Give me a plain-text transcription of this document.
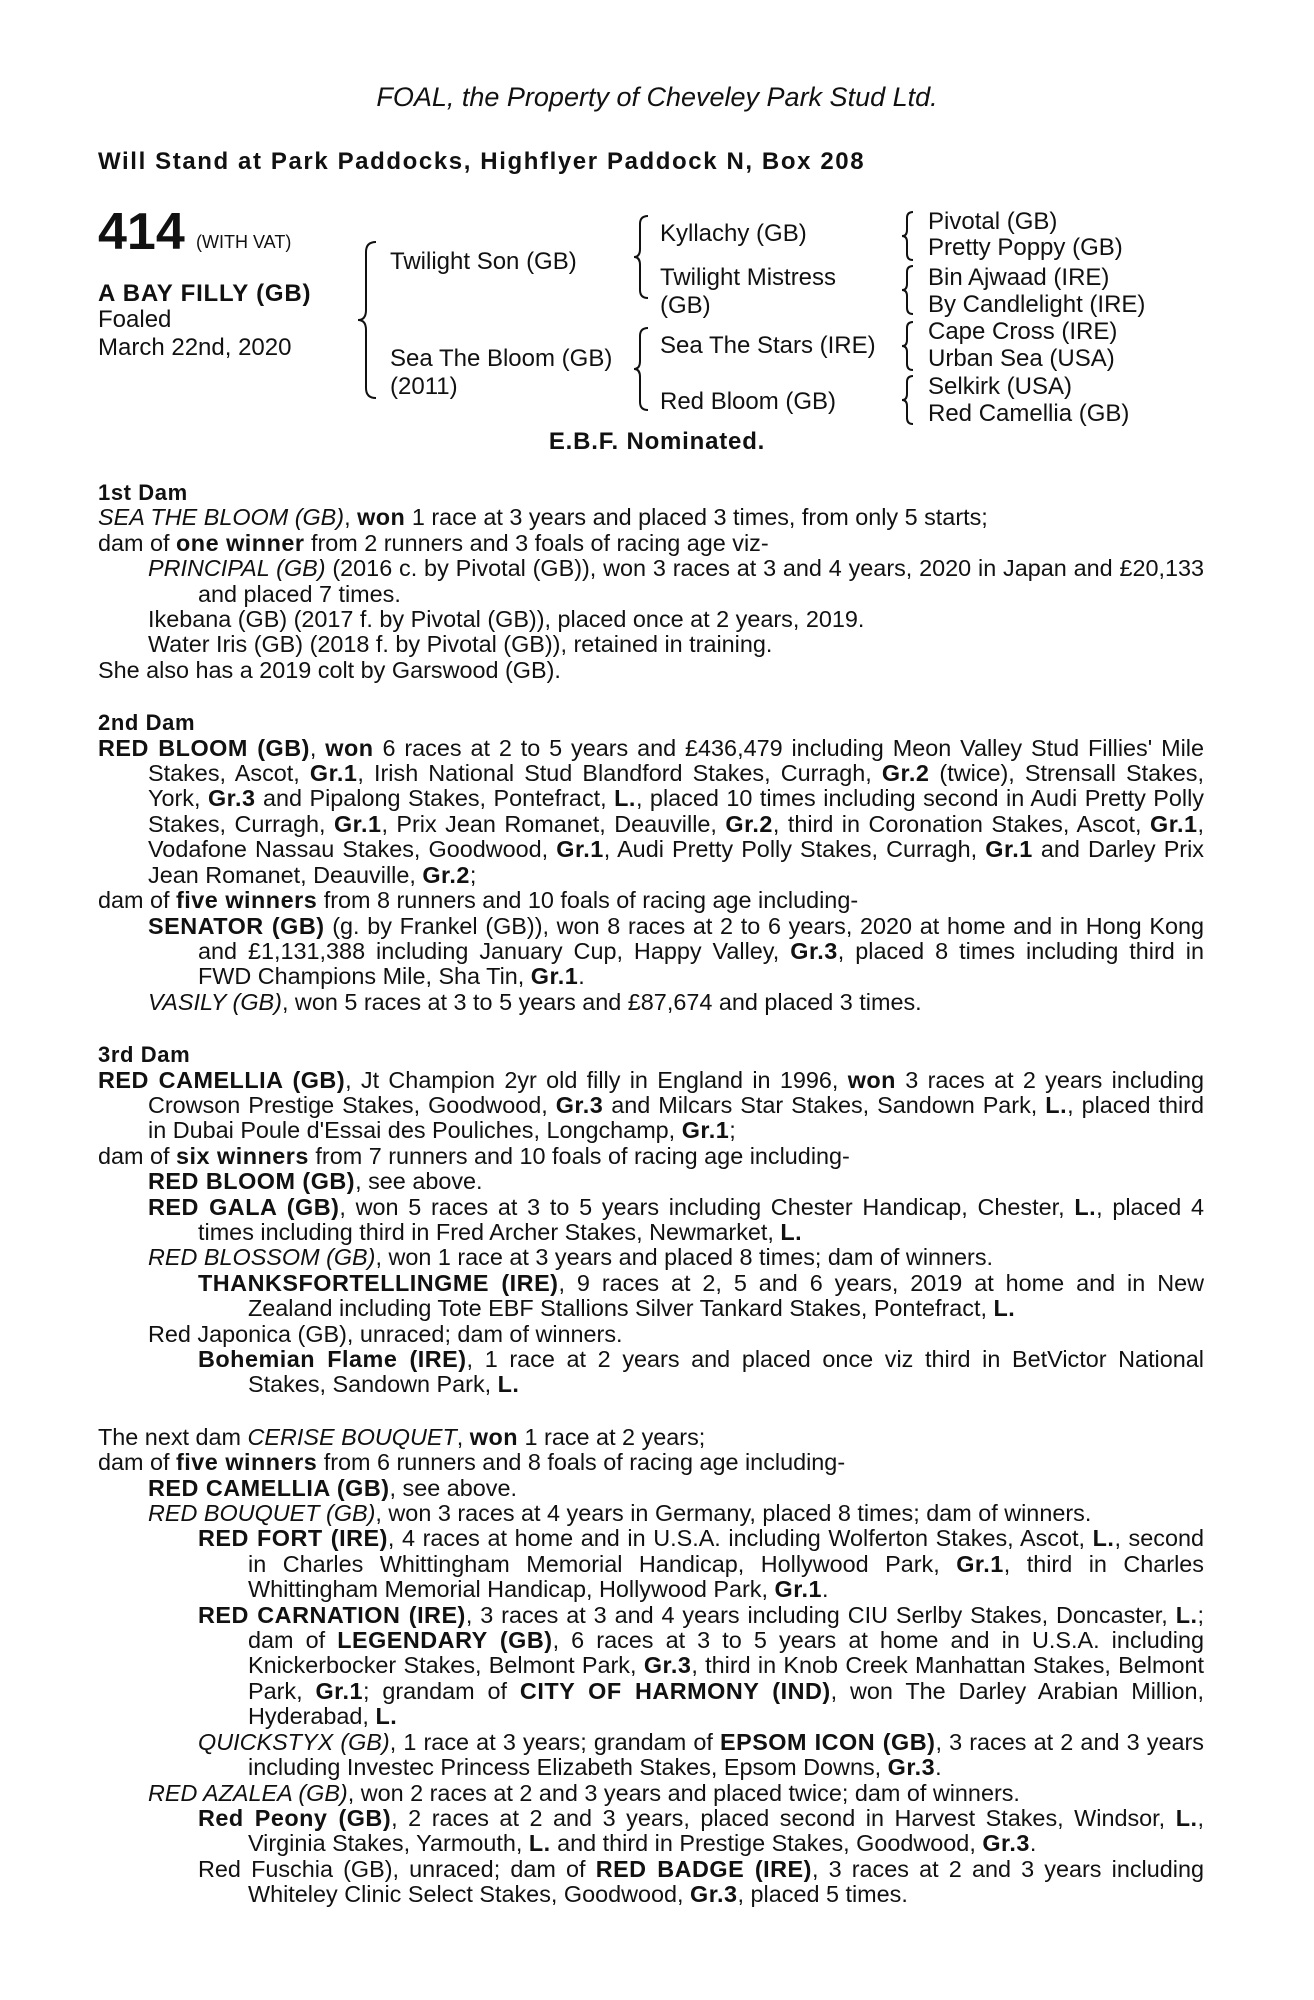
FOAL, the Property of Cheveley Park Stud Ltd.
Will Stand at Park Paddocks, Highflyer Paddock N, Box 208
414 (WITH VAT)
A BAY FILLY (GB)
Foaled
March 22nd, 2020
Twilight Son (GB)
Sea The Bloom (GB)
(2011)
Kyllachy (GB)
Twilight Mistress
(GB)
Sea The Stars (IRE)
Red Bloom (GB)
Pivotal (GB)
Pretty Poppy (GB)
Bin Ajwaad (IRE)
By Candlelight (IRE)
Cape Cross (IRE)
Urban Sea (USA)
Selkirk (USA)
Red Camellia (GB)
E.B.F. Nominated.
1st Dam
SEA THE BLOOM (GB), won 1 race at 3 years and placed 3 times, from only 5 starts;
dam of one winner from 2 runners and 3 foals of racing age viz-
PRINCIPAL (GB) (2016 c. by Pivotal (GB)), won 3 races at 3 and 4 years, 2020 in Japan and £20,133 and placed 7 times.
Ikebana (GB) (2017 f. by Pivotal (GB)), placed once at 2 years, 2019.
Water Iris (GB) (2018 f. by Pivotal (GB)), retained in training.
She also has a 2019 colt by Garswood (GB).
2nd Dam
RED BLOOM (GB), won 6 races at 2 to 5 years and £436,479 including Meon Valley Stud Fillies' Mile Stakes, Ascot, Gr.1, Irish National Stud Blandford Stakes, Curragh, Gr.2 (twice), Strensall Stakes, York, Gr.3 and Pipalong Stakes, Pontefract, L., placed 10 times including second in Audi Pretty Polly Stakes, Curragh, Gr.1, Prix Jean Romanet, Deauville, Gr.2, third in Coronation Stakes, Ascot, Gr.1, Vodafone Nassau Stakes, Goodwood, Gr.1, Audi Pretty Polly Stakes, Curragh, Gr.1 and Darley Prix Jean Romanet, Deauville, Gr.2;
dam of five winners from 8 runners and 10 foals of racing age including-
SENATOR (GB) (g. by Frankel (GB)), won 8 races at 2 to 6 years, 2020 at home and in Hong Kong and £1,131,388 including January Cup, Happy Valley, Gr.3, placed 8 times including third in FWD Champions Mile, Sha Tin, Gr.1.
VASILY (GB), won 5 races at 3 to 5 years and £87,674 and placed 3 times.
3rd Dam
RED CAMELLIA (GB), Jt Champion 2yr old filly in England in 1996, won 3 races at 2 years including Crowson Prestige Stakes, Goodwood, Gr.3 and Milcars Star Stakes, Sandown Park, L., placed third in Dubai Poule d'Essai des Pouliches, Longchamp, Gr.1;
dam of six winners from 7 runners and 10 foals of racing age including-
RED BLOOM (GB), see above.
RED GALA (GB), won 5 races at 3 to 5 years including Chester Handicap, Chester, L., placed 4 times including third in Fred Archer Stakes, Newmarket, L.
RED BLOSSOM (GB), won 1 race at 3 years and placed 8 times; dam of winners.
THANKSFORTELLINGME (IRE), 9 races at 2, 5 and 6 years, 2019 at home and in New Zealand including Tote EBF Stallions Silver Tankard Stakes, Pontefract, L.
Red Japonica (GB), unraced; dam of winners.
Bohemian Flame (IRE), 1 race at 2 years and placed once viz third in BetVictor National Stakes, Sandown Park, L.
The next dam CERISE BOUQUET, won 1 race at 2 years;
dam of five winners from 6 runners and 8 foals of racing age including-
RED CAMELLIA (GB), see above.
RED BOUQUET (GB), won 3 races at 4 years in Germany, placed 8 times; dam of winners.
RED FORT (IRE), 4 races at home and in U.S.A. including Wolferton Stakes, Ascot, L., second in Charles Whittingham Memorial Handicap, Hollywood Park, Gr.1, third in Charles Whittingham Memorial Handicap, Hollywood Park, Gr.1.
RED CARNATION (IRE), 3 races at 3 and 4 years including CIU Serlby Stakes, Doncaster, L.; dam of LEGENDARY (GB), 6 races at 3 to 5 years at home and in U.S.A. including Knickerbocker Stakes, Belmont Park, Gr.3, third in Knob Creek Manhattan Stakes, Belmont Park, Gr.1; grandam of CITY OF HARMONY (IND), won The Darley Arabian Million, Hyderabad, L.
QUICKSTYX (GB), 1 race at 3 years; grandam of EPSOM ICON (GB), 3 races at 2 and 3 years including Investec Princess Elizabeth Stakes, Epsom Downs, Gr.3.
RED AZALEA (GB), won 2 races at 2 and 3 years and placed twice; dam of winners.
Red Peony (GB), 2 races at 2 and 3 years, placed second in Harvest Stakes, Windsor, L., Virginia Stakes, Yarmouth, L. and third in Prestige Stakes, Goodwood, Gr.3.
Red Fuschia (GB), unraced; dam of RED BADGE (IRE), 3 races at 2 and 3 years including Whiteley Clinic Select Stakes, Goodwood, Gr.3, placed 5 times.
